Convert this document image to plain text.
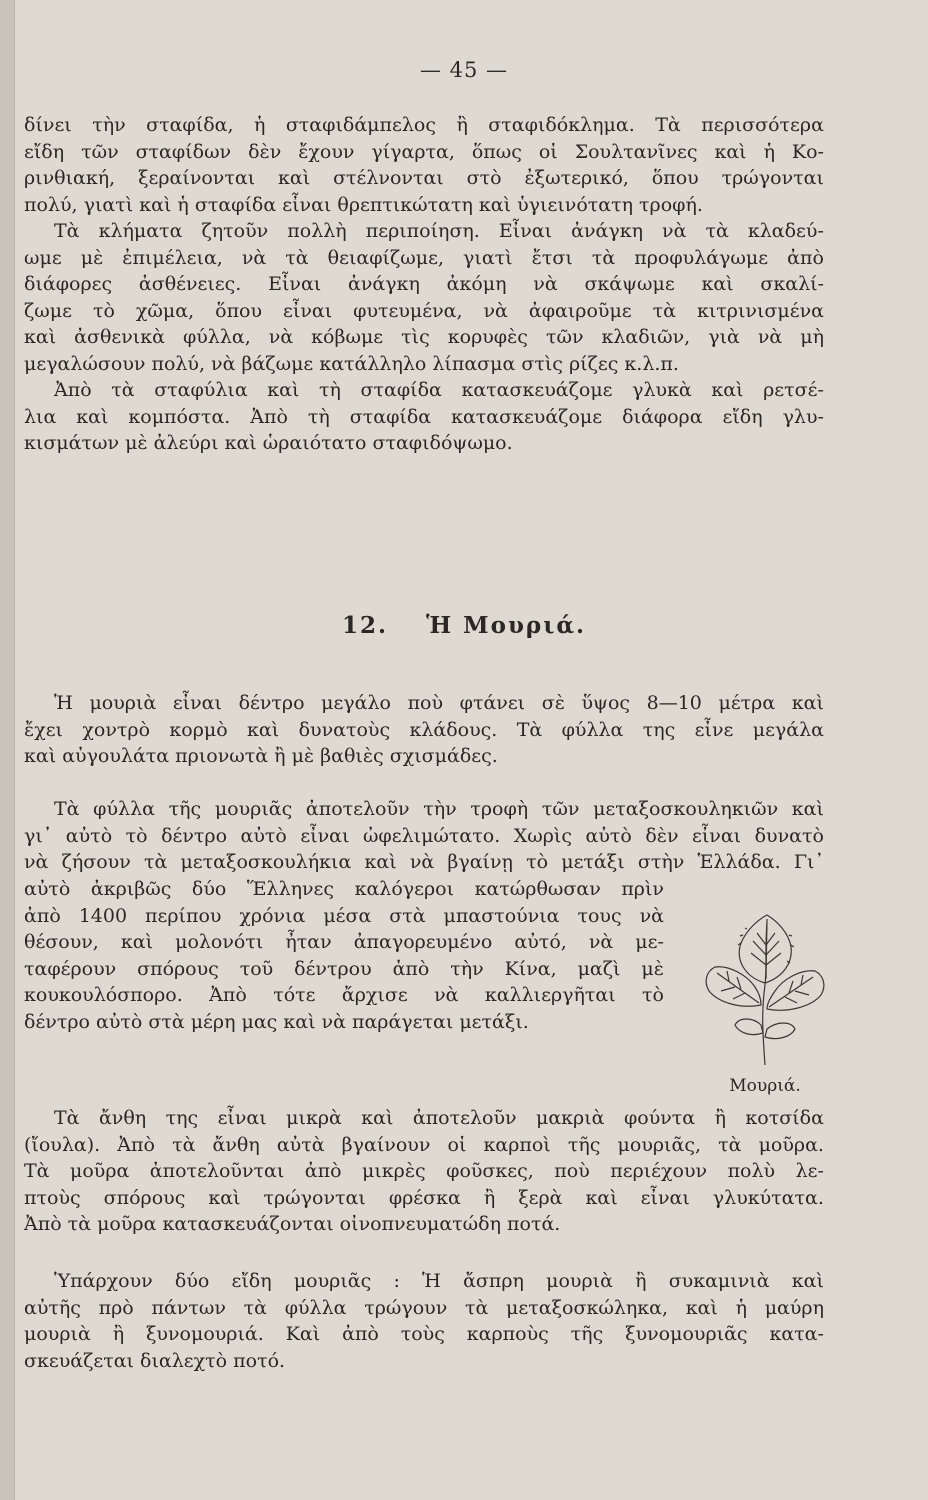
— 45 —
δίνει τὴν σταφίδα, ἡ σταφιδάμπελος ἢ σταφιδόκλημα. Τὰ περισσότερα
εἴδη τῶν σταφίδων δὲν ἔχουν γίγαρτα, ὅπως οἱ Σουλτανῖνες καὶ ἡ Κο-
ρινθιακή, ξεραίνονται καὶ στέλνονται στὸ ἐξωτερικό, ὅπου τρώγονται
πολύ, γιατὶ καὶ ἡ σταφίδα εἶναι θρεπτικώτατη καὶ ὑγιεινότατη τροφή.
Τὰ κλήματα ζητοῦν πολλὴ περιποίηση. Εἶναι ἀνάγκη νὰ τὰ κλαδεύ-
ωμε μὲ ἐπιμέλεια, νὰ τὰ θειαφίζωμε, γιατὶ ἔτσι τὰ προφυλάγωμε ἀπὸ
διάφορες ἀσθένειες. Εἶναι ἀνάγκη ἀκόμη νὰ σκάψωμε καὶ σκαλί-
ζωμε τὸ χῶμα, ὅπου εἶναι φυτευμένα, νὰ ἀφαιροῦμε τὰ κιτρινισμένα
καὶ ἀσθενικὰ φύλλα, νὰ κόβωμε τὶς κορυφὲς τῶν κλαδιῶν, γιὰ νὰ μὴ
μεγαλώσουν πολύ, νὰ βάζωμε κατάλληλο λίπασμα στὶς ρίζες κ.λ.π.
Ἀπὸ τὰ σταφύλια καὶ τὴ σταφίδα κατασκευάζομε γλυκὰ καὶ ρετσέ-
λια καὶ κομπόστα. Ἀπὸ τὴ σταφίδα κατασκευάζομε διάφορα εἴδη γλυ-
κισμάτων μὲ ἀλεύρι καὶ ὡραιότατο σταφιδόψωμο.
12. Ἡ Μουριά.
Ἡ μουριὰ εἶναι δέντρο μεγάλο ποὺ φτάνει σὲ ὕψος 8—10 μέτρα καὶ
ἔχει χοντρὸ κορμὸ καὶ δυνατοὺς κλάδους. Τὰ φύλλα της εἶνε μεγάλα
καὶ αὐγουλάτα πριονωτὰ ἢ μὲ βαθιὲς σχισμάδες.
Τὰ φύλλα τῆς μουριᾶς ἀποτελοῦν τὴν τροφὴ τῶν μεταξοσκουληκιῶν καὶ
γι᾽ αὐτὸ τὸ δέντρο αὐτὸ εἶναι ὠφελιμώτατο. Χωρὶς αὐτὸ δὲν εἶναι δυνατὸ
νὰ ζήσουν τὰ μεταξοσκουλήκια καὶ νὰ βγαίνῃ τὸ μετάξι στὴν Ἑλλάδα. Γι᾽
αὐτὸ ἀκριβῶς δύο Ἕλληνες καλόγεροι κατώρθωσαν πρὶν
ἀπὸ 1400 περίπου χρόνια μέσα στὰ μπαστούνια τους νὰ
θέσουν, καὶ μολονότι ἦταν ἀπαγορευμένο αὐτό, νὰ με-
ταφέρουν σπόρους τοῦ δέντρου ἀπὸ τὴν Κίνα, μαζὶ μὲ
κουκουλόσπορο. Ἀπὸ τότε ἄρχισε νὰ καλλιεργῆται τὸ
δέντρο αὐτὸ στὰ μέρη μας καὶ νὰ παράγεται μετάξι.
Μουριά.
Τὰ ἄνθη της εἶναι μικρὰ καὶ ἀποτελοῦν μακριὰ φούντα ἢ κοτσίδα
(ἴουλα). Ἀπὸ τὰ ἄνθη αὐτὰ βγαίνουν οἱ καρποὶ τῆς μουριᾶς, τὰ μοῦρα.
Τὰ μοῦρα ἀποτελοῦνται ἀπὸ μικρὲς φοῦσκες, ποὺ περιέχουν πολὺ λε-
πτοὺς σπόρους καὶ τρώγονται φρέσκα ἢ ξερὰ καὶ εἶναι γλυκύτατα.
Ἀπὸ τὰ μοῦρα κατασκευάζονται οἰνοπνευματώδη ποτά.
Ὑπάρχουν δύο εἴδη μουριᾶς : Ἡ ἄσπρη μουριὰ ἢ συκαμινιὰ καὶ
αὐτῆς πρὸ πάντων τὰ φύλλα τρώγουν τὰ μεταξοσκώληκα, καὶ ἡ μαύρη
μουριὰ ἢ ξυνομουριά. Καὶ ἀπὸ τοὺς καρποὺς τῆς ξυνομουριᾶς κατα-
σκευάζεται διαλεχτὸ ποτό.
